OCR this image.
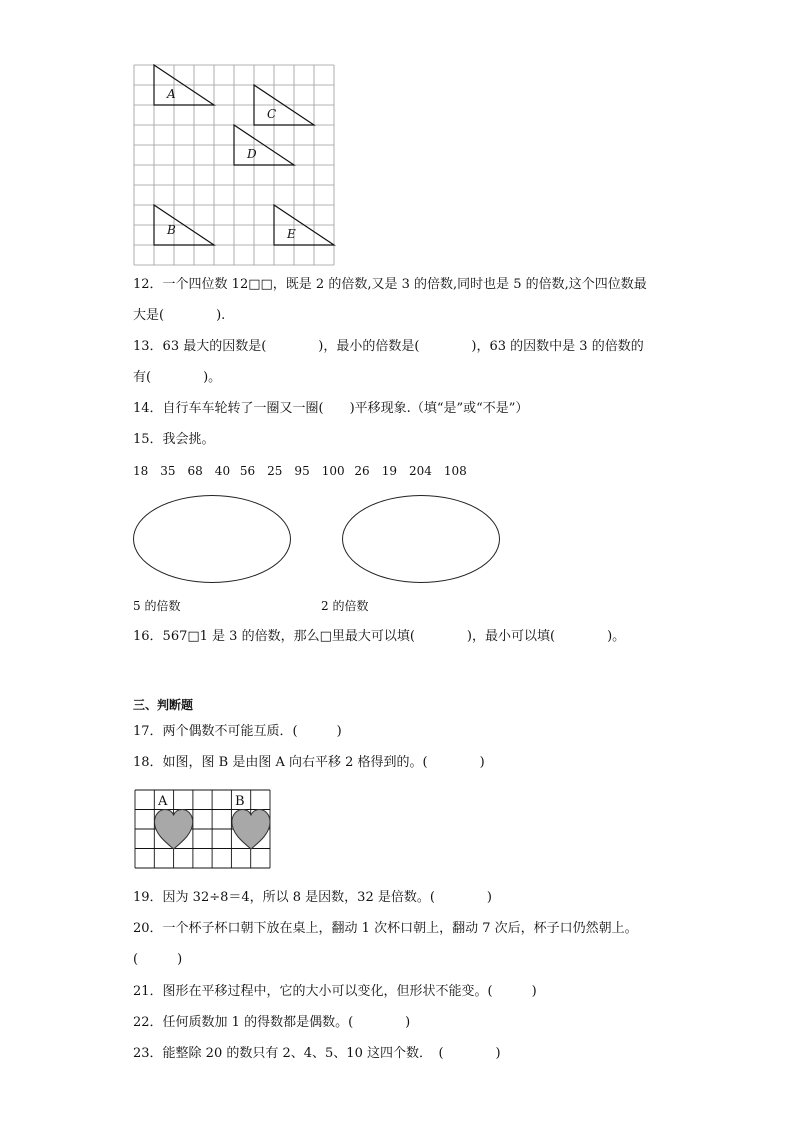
A
C
D
B	E
12．一个四位数 12□□，既是 2 的倍数,又是 3 的倍数,同时也是 5 的倍数,这个四位数最
大是(　　　　).
13．63 最大的因数是(　　　　)，最小的倍数是(　　　　)，63 的因数中是 3 的倍数的
有(　　　　)。
14．自行车车轮转了一圈又一圈(　　)平移现象.（填“是”或“不是”）
15．我会挑。
18　35　68　40 56　25　95　100 26　19　204　108
5 的倍数	2 的倍数
16．567□1 是 3 的倍数，那么□里最大可以填(　　　　)，最小可以填(　　　　)。
三、判断题
17．两个偶数不可能互质．(　　　)
18．如图，图 B 是由图 A 向右平移 2 格得到的。(　　　　)
A	B
19．因为 32÷8＝4，所以 8 是因数，32 是倍数。(　　　　)
20．一个杯子杯口朝下放在桌上，翻动 1 次杯口朝上，翻动 7 次后，杯子口仍然朝上。
(　　　)
21．图形在平移过程中，它的大小可以变化，但形状不能变。(　　　)
22．任何质数加 1 的得数都是偶数。(　　　　)
23．能整除 20 的数只有 2、4、5、10 这四个数．　(　　　　)
